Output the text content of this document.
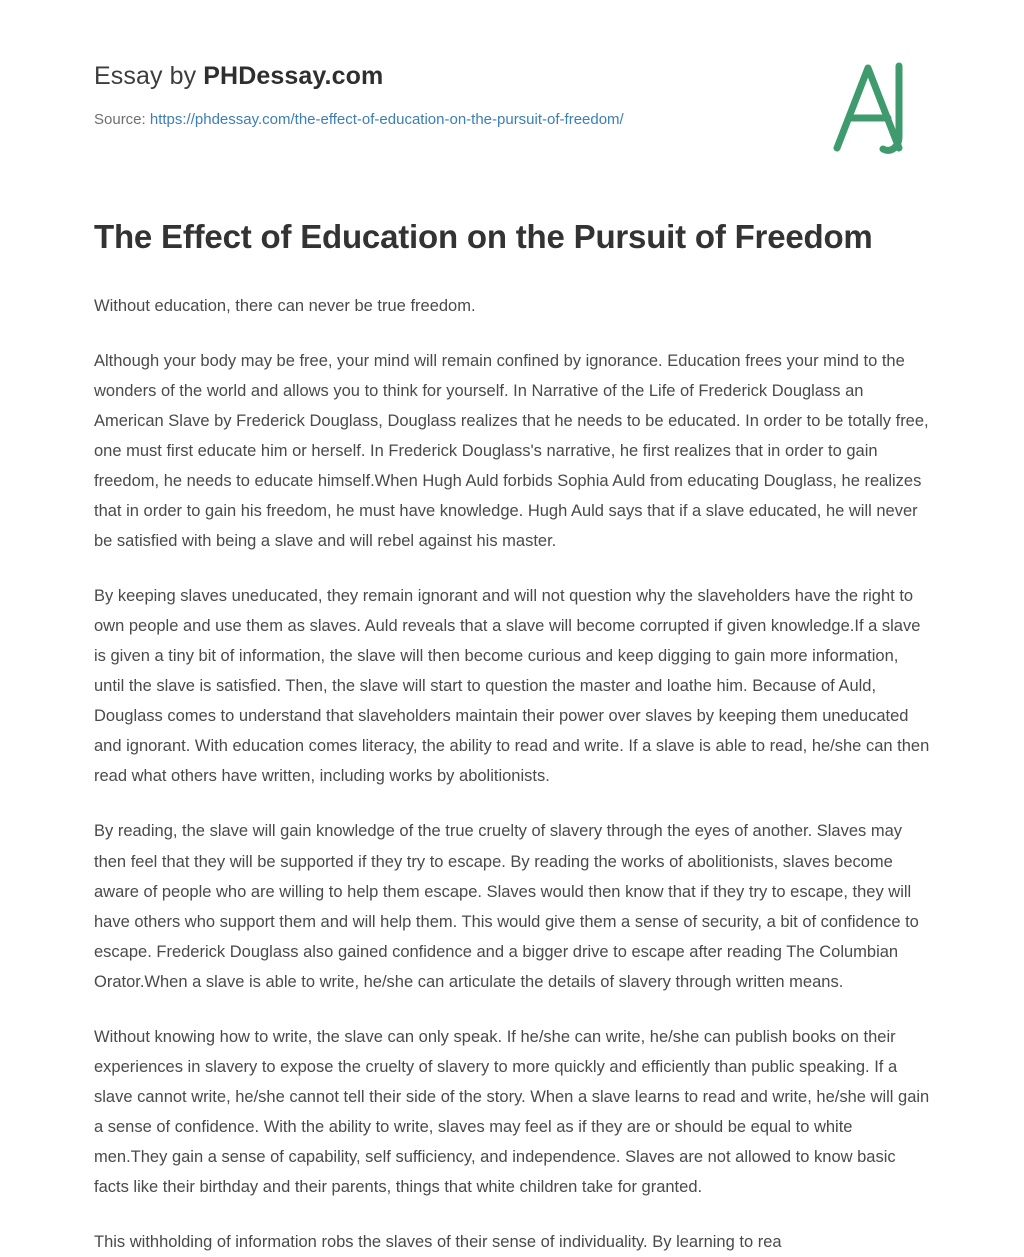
Essay by PHDessay.com
Source: https://phdessay.com/the-effect-of-education-on-the-pursuit-of-freedom/
The Effect of Education on the Pursuit of Freedom

Without education, there can never be true freedom.

Although your body may be free, your mind will remain confined by ignorance. Education frees your mind to the wonders of the world and allows you to think for yourself. In Narrative of the Life of Frederick Douglass an American Slave by Frederick Douglass, Douglass realizes that he needs to be educated. In order to be totally free, one must first educate him or herself. In Frederick Douglass's narrative, he first realizes that in order to gain freedom, he needs to educate himself.When Hugh Auld forbids Sophia Auld from educating Douglass, he realizes that in order to gain his freedom, he must have knowledge. Hugh Auld says that if a slave educated, he will never be satisfied with being a slave and will rebel against his master.

By keeping slaves uneducated, they remain ignorant and will not question why the slaveholders have the right to own people and use them as slaves. Auld reveals that a slave will become corrupted if given knowledge.If a slave is given a tiny bit of information, the slave will then become curious and keep digging to gain more information, until the slave is satisfied. Then, the slave will start to question the master and loathe him. Because of Auld, Douglass comes to understand that slaveholders maintain their power over slaves by keeping them uneducated and ignorant. With education comes literacy, the ability to read and write. If a slave is able to read, he/she can then read what others have written, including works by abolitionists.

By reading, the slave will gain knowledge of the true cruelty of slavery through the eyes of another. Slaves may then feel that they will be supported if they try to escape. By reading the works of abolitionists, slaves become aware of people who are willing to help them escape. Slaves would then know that if they try to escape, they will have others who support them and will help them. This would give them a sense of security, a bit of confidence to escape. Frederick Douglass also gained confidence and a bigger drive to escape after reading The Columbian Orator.When a slave is able to write, he/she can articulate the details of slavery through written means.

Without knowing how to write, the slave can only speak. If he/she can write, he/she can publish books on their experiences in slavery to expose the cruelty of slavery to more quickly and efficiently than public speaking. If a slave cannot write, he/she cannot tell their side of the story. When a slave learns to read and write, he/she will gain a sense of confidence. With the ability to write, slaves may feel as if they are or should be equal to white men.They gain a sense of capability, self sufficiency, and independence. Slaves are not allowed to know basic facts like their birthday and their parents, things that white children take for granted.

This withholding of information robs the slaves of their sense of individuality. By learning to rea
